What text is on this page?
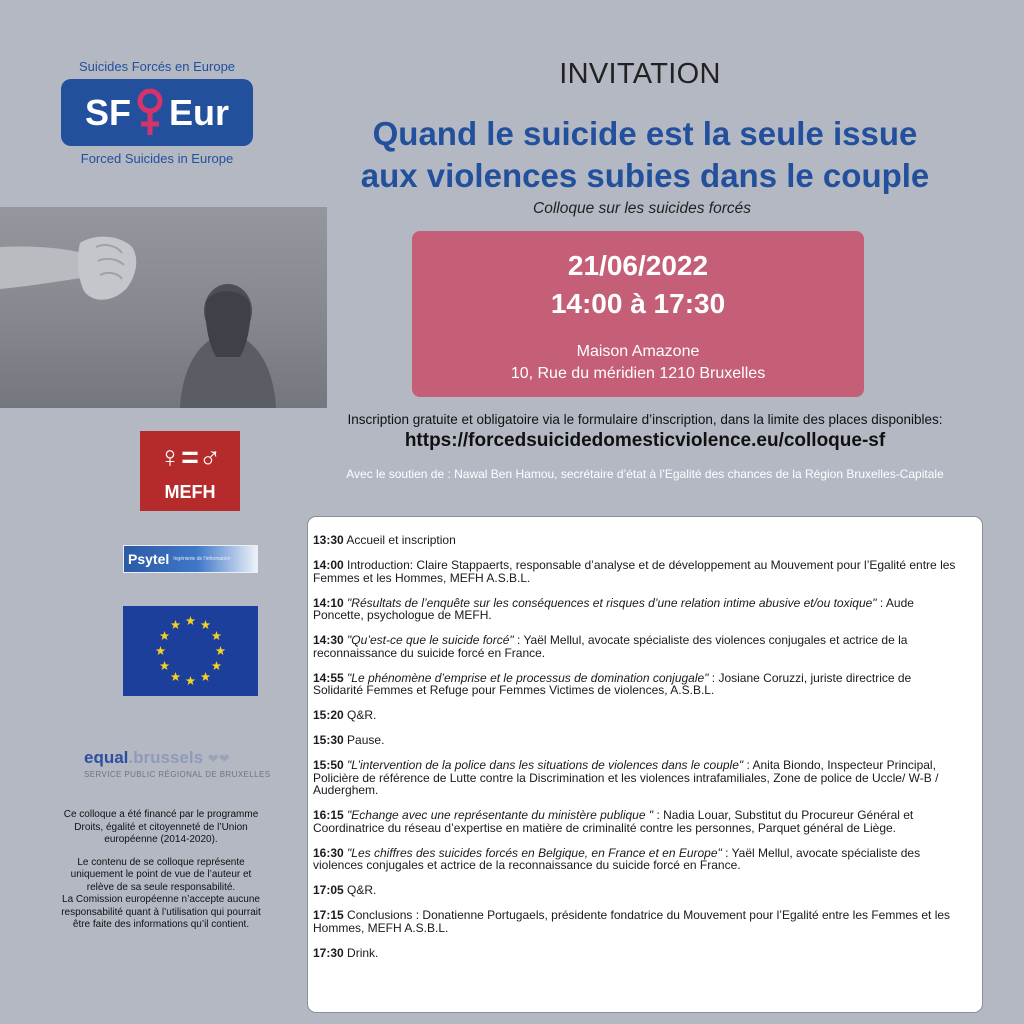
Suicides Forcés en Europe
SF Eur
Forced Suicides in Europe
♀=♂
MEFH
Psytel Ingénierie de l'information
equal.brussels ❤❤
SERVICE PUBLIC RÉGIONAL DE BRUXELLES

Ce colloque a été financé par le programme Droits, égalité et citoyenneté de l’Union européenne (2014-2020).

Le contenu de se colloque représente uniquement le point de vue de l’auteur et relève de sa seule responsabilité.

La Comission européenne n’accepte aucune responsabilité quant à l’utilisation qui pourrait être faite des informations qu’il contient.

INVITATION
Quand le suicide est la seule issue
aux violences subies dans le couple
Colloque sur les suicides forcés
21/06/2022
14:00 à 17:30
Maison Amazone
10, Rue du méridien 1210 Bruxelles
Inscription gratuite et obligatoire via le formulaire d’inscription, dans la limite des places disponibles:
https://forcedsuicidedomesticviolence.eu/colloque-sf
Avec le soutien de : Nawal Ben Hamou, secrétaire d’état à l’Egalité des chances de la Région Bruxelles-Capitale
13:30 Accueil et inscription
14:00 Introduction: Claire Stappaerts, responsable d’analyse et de développement au Mouvement pour l’Egalité entre les Femmes et les Hommes, MEFH A.S.B.L.
14:10 "Résultats de l’enquête sur les conséquences et risques d’une relation intime abusive et/ou toxique" : Aude Poncette, psychologue de MEFH.
14:30 "Qu’est-ce que le suicide forcé" : Yaël Mellul, avocate spécialiste des violences conjugales et actrice de la reconnaissance du suicide forcé en France.
14:55 "Le phénomène d’emprise et le processus de domination conjugale" : Josiane Coruzzi, juriste directrice de Solidarité Femmes et Refuge pour Femmes Victimes de violences, A.S.B.L.
15:20 Q&R.
15:30 Pause.
15:50 "L’intervention de la police dans les situations de violences dans le couple" : Anita Biondo, Inspecteur Principal, Policière de référence de Lutte contre la Discrimination et les violences intrafamiliales, Zone de police de Uccle/ W-B / Auderghem.
16:15 "Echange avec une représentante du ministère publique " : Nadia Louar, Substitut du Procureur Général et Coordinatrice du réseau d’expertise en matière de criminalité contre les personnes, Parquet général de Liège.
16:30 "Les chiffres des suicides forcés en Belgique, en France et en Europe" : Yaël Mellul, avocate spécialiste des violences conjugales et actrice de la reconnaissance du suicide forcé en France.
17:05 Q&R.
17:15 Conclusions : Donatienne Portugaels, présidente fondatrice du Mouvement pour l’Egalité entre les Femmes et les Hommes, MEFH A.S.B.L.
17:30 Drink.
